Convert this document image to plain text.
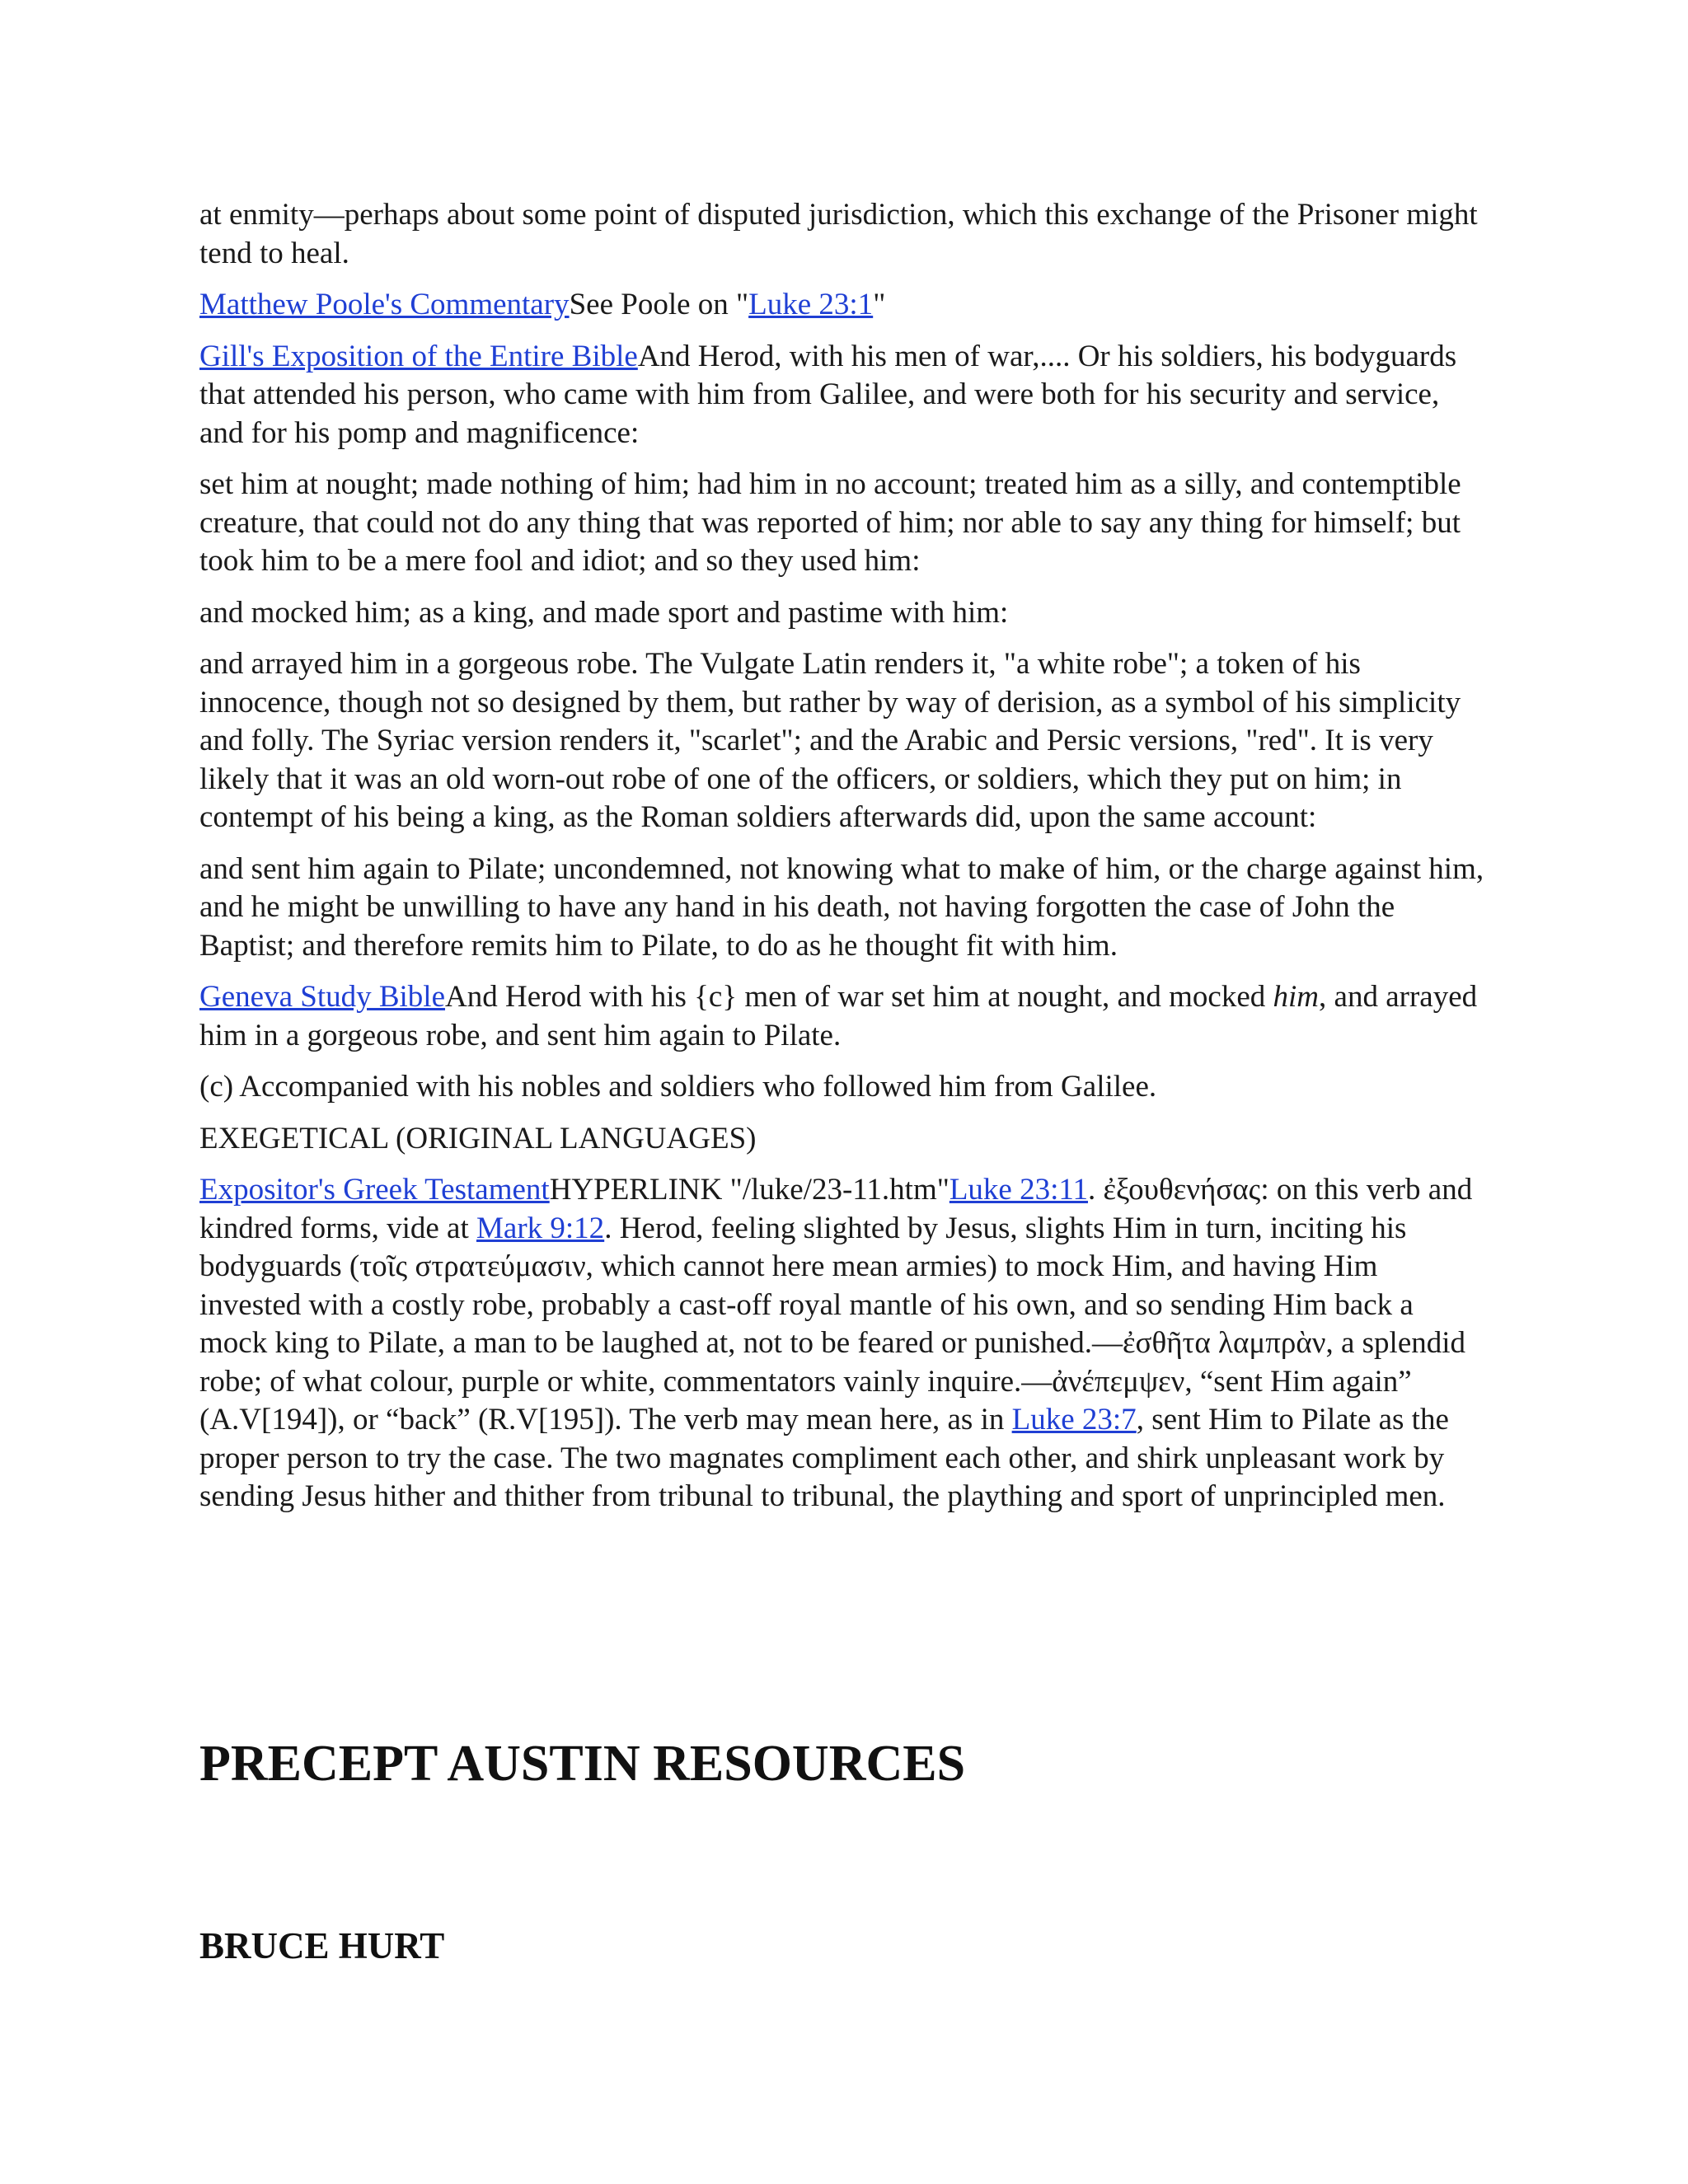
at enmity—perhaps about some point of disputed jurisdiction, which this exchange of the Prisoner might tend to heal.

Matthew Poole's CommentarySee Poole on "Luke 23:1"

Gill's Exposition of the Entire BibleAnd Herod, with his men of war,.... Or his soldiers, his bodyguards that attended his person, who came with him from Galilee, and were both for his security and service, and for his pomp and magnificence:

set him at nought; made nothing of him; had him in no account; treated him as a silly, and contemptible creature, that could not do any thing that was reported of him; nor able to say any thing for himself; but took him to be a mere fool and idiot; and so they used him:

and mocked him; as a king, and made sport and pastime with him:

and arrayed him in a gorgeous robe. The Vulgate Latin renders it, "a white robe"; a token of his innocence, though not so designed by them, but rather by way of derision, as a symbol of his simplicity and folly. The Syriac version renders it, "scarlet"; and the Arabic and Persic versions, "red". It is very likely that it was an old worn-out robe of one of the officers, or soldiers, which they put on him; in contempt of his being a king, as the Roman soldiers afterwards did, upon the same account:

and sent him again to Pilate; uncondemned, not knowing what to make of him, or the charge against him, and he might be unwilling to have any hand in his death, not having forgotten the case of John the Baptist; and therefore remits him to Pilate, to do as he thought fit with him.

Geneva Study BibleAnd Herod with his {c} men of war set him at nought, and mocked him, and arrayed him in a gorgeous robe, and sent him again to Pilate.

(c) Accompanied with his nobles and soldiers who followed him from Galilee.

EXEGETICAL (ORIGINAL LANGUAGES)

Expositor's Greek TestamentHYPERLINK "/luke/23-11.htm"Luke 23:11. ἐξουθενήσας: on this verb and kindred forms, vide at Mark 9:12. Herod, feeling slighted by Jesus, slights Him in turn, inciting his bodyguards (τοῖς στρατεύμασιν, which cannot here mean armies) to mock Him, and having Him invested with a costly robe, probably a cast-off royal mantle of his own, and so sending Him back a mock king to Pilate, a man to be laughed at, not to be feared or punished.—ἐσθῆτα λαμπρὰν, a splendid robe; of what colour, purple or white, commentators vainly inquire.—ἀνέπεμψεν, “sent Him again” (A.V[194]), or “back” (R.V[195]). The verb may mean here, as in Luke 23:7, sent Him to Pilate as the proper person to try the case. The two magnates compliment each other, and shirk unpleasant work by sending Jesus hither and thither from tribunal to tribunal, the plaything and sport of unprincipled men.

PRECEPT AUSTIN RESOURCES
BRUCE HURT
